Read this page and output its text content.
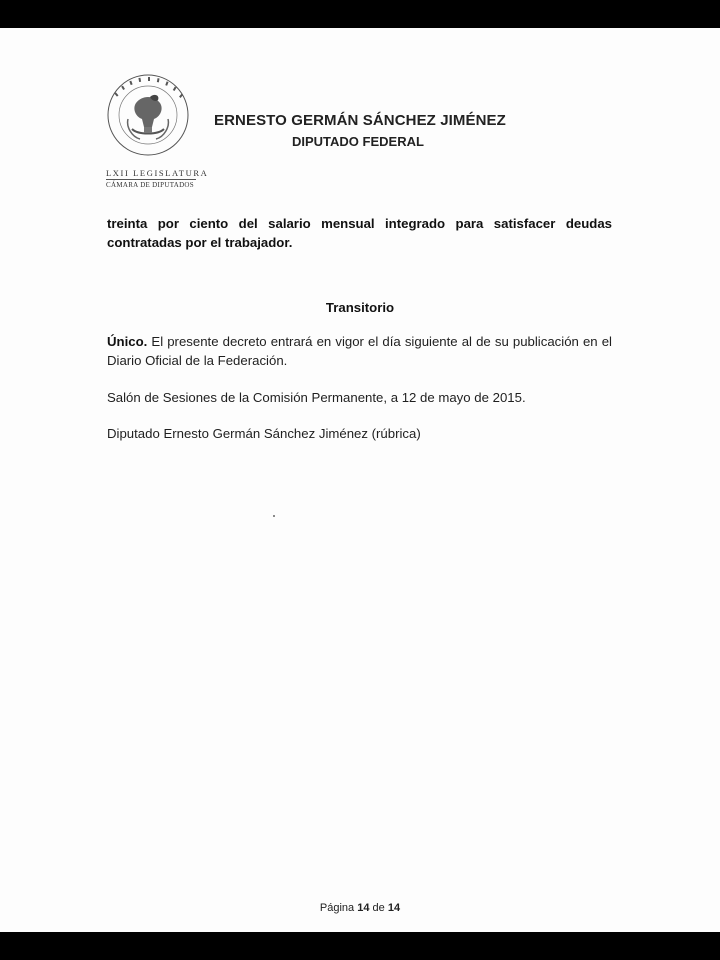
LXII LEGISLATURA
CÁMARA DE DIPUTADOS
ERNESTO GERMÁN SÁNCHEZ JIMÉNEZ
DIPUTADO FEDERAL
treinta por ciento del salario mensual integrado para satisfacer deudas contratadas por el trabajador.
Transitorio
Único. El presente decreto entrará en vigor el día siguiente al de su publicación en el Diario Oficial de la Federación.
Salón de Sesiones de la Comisión Permanente, a 12 de mayo de 2015.
Diputado Ernesto Germán Sánchez Jiménez (rúbrica)
Página 14 de 14
